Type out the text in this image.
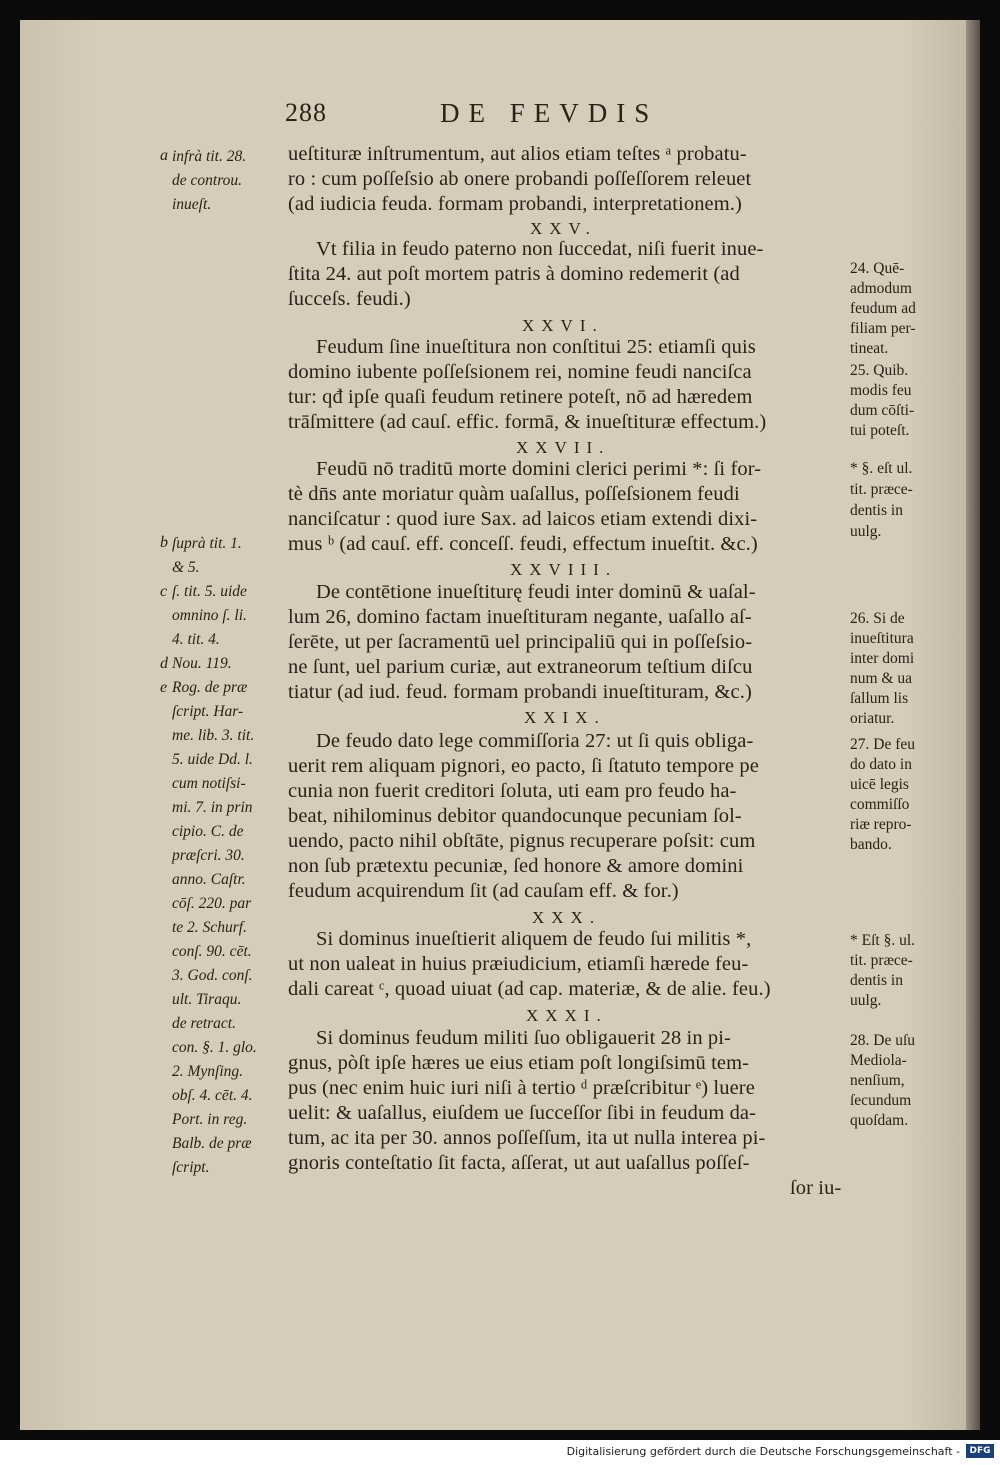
288	DE FEVDIS
ueſtituræ inſtrumentum, aut alios etiam teſtes ᵃ probatu-
ro : cum poſſeſsio ab onere probandi poſſeſſorem releuet
(ad iudicia feuda. formam probandi, interpretationem.)
XXV.
Vt filia in feudo paterno non ſuccedat, niſi fuerit inue-
ſtita 24. aut poſt mortem patris à domino redemerit (ad
ſucceſs. feudi.)
XXVI.
Feudum ſine inueſtitura non conſtitui 25: etiamſi quis
domino iubente poſſeſsionem rei, nomine feudi nanciſca
tur: qđ ipſe quaſi feudum retinere poteſt, nō ad hæredem
trāſmittere (ad cauſ. effic. formā, & inueſtituræ effectum.)
XXVII.
Feudū nō traditū morte domini clerici perimi *: ſi for-
tè dn̄s ante moriatur quàm uaſallus, poſſeſsionem feudi
nanciſcatur : quod iure Sax. ad laicos etiam extendi dixi-
mus ᵇ (ad cauſ. eff. conceſſ. feudi, effectum inueſtit. &c.)
XXVIII.
De contētione inueſtiturę feudi inter dominū & uaſal-
lum 26, domino factam inueſtituram negante, uaſallo aſ-
ſerēte, ut per ſacramentū uel principaliū qui in poſſeſsio-
ne ſunt, uel parium curiæ, aut extraneorum teſtium diſcu
tiatur (ad iud. feud. formam probandi inueſtituram, &c.)
XXIX.
De feudo dato lege commiſſoria 27: ut ſi quis obliga-
uerit rem aliquam pignori, eo pacto, ſi ſtatuto tempore pe
cunia non fuerit creditori ſoluta, uti eam pro feudo ha-
beat, nihilominus debitor quandocunque pecuniam ſol-
uendo, pacto nihil obſtāte, pignus recuperare poſsit: cum
non ſub prætextu pecuniæ, ſed honore & amore domini
feudum acquirendum ſit (ad cauſam eff. & for.)
XXX.
Si dominus inueſtierit aliquem de feudo ſui militis *,
ut non ualeat in huius præiudicium, etiamſi hærede feu-
dali careat ᶜ, quoad uiuat (ad cap. materiæ, & de alie. feu.)
XXXI.
Si dominus feudum militi ſuo obligauerit 28 in pi-
gnus, pòſt ipſe hæres ue eius etiam poſt longiſsimū tem-
pus (nec enim huic iuri niſi à tertio ᵈ præſcribitur ᵉ) luere
uelit: & uaſallus, eiuſdem ue ſucceſſor ſibi in feudum da-
tum, ac ita per 30. annos poſſeſſum, ita ut nulla interea pi-
gnoris conteſtatio ſit facta, aſſerat, ut aut uaſallus poſſeſ-
ſor iu-
a infrà tit. 28.
de controu.
inueſt.
b ſuprà tit. 1.
& 5.
c ſ. tit. 5. uide
omnino ſ. li.
4. tit. 4.
d Nou. 119.
e Rog. de præ
ſcript. Har-
me. lib. 3. tit.
5. uide Dd. l.
cum notiſsi-
mi. 7. in prin
cipio. C. de
præſcri. 30.
anno. Caſtr.
cōſ. 220. par
te 2. Schurf.
conſ. 90. cēt.
3. God. conſ.
ult. Tiraqu.
de retract.
con. §. 1. glo.
2. Mynſing.
obſ. 4. cēt. 4.
Port. in reg.
Balb. de præ
ſcript.
24. Quē-
admodum
feudum ad
filiam per-
tineat.
25. Quib.
modis feu
dum cōſti-
tui poteſt.
* §. eſt ul.
tit. præce-
dentis in
uulg.
26. Si de
inueſtitura
inter domi
num & ua
ſallum lis
oriatur.
27. De feu
do dato in
uicē legis
commiſſo
riæ repro-
bando.
* Eſt §. ul.
tit. præce-
dentis in
uulg.
28. De uſu
Mediola-
nenſium,
ſecundum
quoſdam.
Digitalisierung gefördert durch die Deutsche Forschungsgemeinschaft -	DFG
